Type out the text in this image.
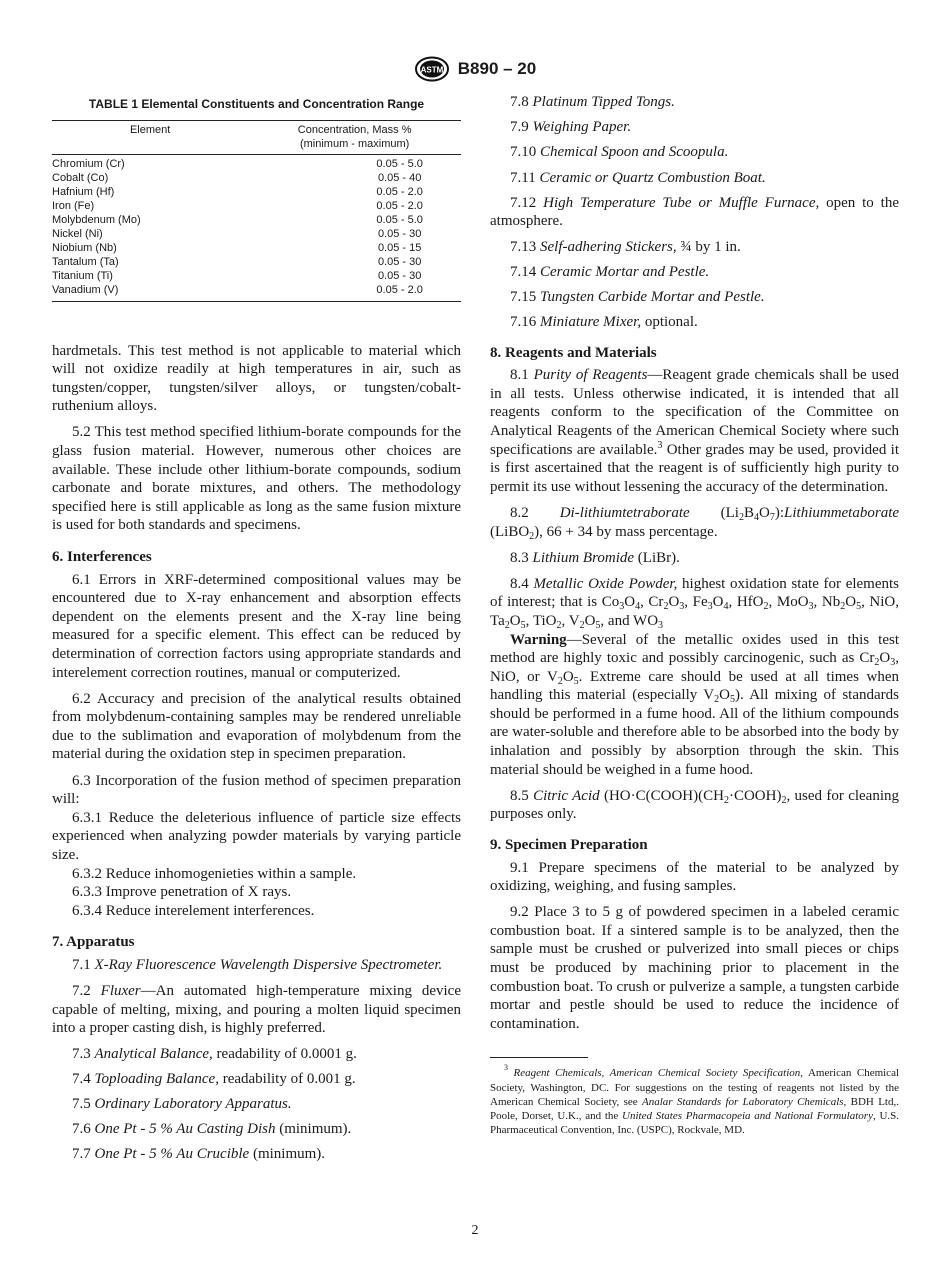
ASTM B890 – 20
TABLE 1 Elemental Constituents and Concentration Range
Element	Concentration, Mass %
(minimum - maximum)

Chromium (Cr)	0.05 - 5.0
Cobalt (Co)	0.05 - 40
Hafnium (Hf)	0.05 - 2.0
Iron (Fe)	0.05 - 2.0
Molybdenum (Mo)	0.05 - 5.0
Nickel (Ni)	0.05 - 30
Niobium (Nb)	0.05 - 15
Tantalum (Ta)	0.05 - 30
Titanium (Ti)	0.05 - 30
Vanadium (V)	0.05 - 2.0

hardmetals. This test method is not applicable to material which will not oxidize readily at high temperatures in air, such as tungsten/copper, tungsten/silver alloys, or tungsten/cobalt-ruthenium alloys.

5.2 This test method specified lithium-borate compounds for the glass fusion material. However, numerous other choices are available. These include other lithium-borate compounds, sodium carbonate and borate mixtures, and others. The methodology specified here is still applicable as long as the same fusion mixture is used for both standards and specimens.

6. Interferences

6.1 Errors in XRF-determined compositional values may be encountered due to X-ray enhancement and absorption effects dependent on the elements present and the X-ray line being measured for a specific element. This effect can be reduced by determination of correction factors using appropriate standards and interelement correction routines, manual or computerized.

6.2 Accuracy and precision of the analytical results obtained from molybdenum-containing samples may be rendered unreliable due to the sublimation and evaporation of molybdenum from the material during the oxidation step in specimen preparation.

6.3 Incorporation of the fusion method of specimen preparation will:

6.3.1 Reduce the deleterious influence of particle size effects experienced when analyzing powder materials by varying particle size.

6.3.2 Reduce inhomogenieties within a sample.

6.3.3 Improve penetration of X rays.

6.3.4 Reduce interelement interferences.

7. Apparatus

7.1 X-Ray Fluorescence Wavelength Dispersive Spectrometer.

7.2 Fluxer—An automated high-temperature mixing device capable of melting, mixing, and pouring a molten liquid specimen into a proper casting dish, is highly preferred.

7.3 Analytical Balance, readability of 0.0001 g.

7.4 Toploading Balance, readability of 0.001 g.

7.5 Ordinary Laboratory Apparatus.

7.6 One Pt - 5 % Au Casting Dish (minimum).

7.7 One Pt - 5 % Au Crucible (minimum).

7.8 Platinum Tipped Tongs.

7.9 Weighing Paper.

7.10 Chemical Spoon and Scoopula.

7.11 Ceramic or Quartz Combustion Boat.

7.12 High Temperature Tube or Muffle Furnace, open to the atmosphere.

7.13 Self-adhering Stickers, ¾ by 1 in.

7.14 Ceramic Mortar and Pestle.

7.15 Tungsten Carbide Mortar and Pestle.

7.16 Miniature Mixer, optional.

8. Reagents and Materials

8.1 Purity of Reagents—Reagent grade chemicals shall be used in all tests. Unless otherwise indicated, it is intended that all reagents conform to the specification of the Committee on Analytical Reagents of the American Chemical Society where such specifications are available.$^3$ Other grades may be used, provided it is first ascertained that the reagent is of sufficiently high purity to permit its use without lessening the accuracy of the determination.

8.2 Di-lithiumtetraborate $(Li_2B_4O_7):Lithiummetaborate$ (LiBO$_2$), 66 + 34 by mass percentage.

8.3 Lithium Bromide (LiBr).

8.4 Metallic Oxide Powder, highest oxidation state for elements of interest; that is $Co_3O_4$, $Cr_2O_3$, $Fe_3O_4$, HfO$_2$, MoO$_3$, $Nb_2O_5$, NiO, $Ta_2O_5$, TiO$_2$, $V_2O_5$, and $WO_3$

Warning—Several of the metallic oxides used in this test method are highly toxic and possibly carcinogenic, such as $Cr_2O_3$, NiO, or $V_2O_5$. Extreme care should be used at all times when handling this material (especially $V_2O_5$). All mixing of standards should be performed in a fume hood. All of the lithium compounds are water-soluble and therefore able to be absorbed into the body by inhalation and possibly by absorption through the skin. This material should be weighed in a fume hood.

8.5 Citric Acid ($HO\cdot C(COOH)(CH_2\cdot COOH)_2$, used for cleaning purposes only.

9. Specimen Preparation

9.1 Prepare specimens of the material to be analyzed by oxidizing, weighing, and fusing samples.

9.2 Place 3 to 5 g of powdered specimen in a labeled ceramic combustion boat. If a sintered sample is to be analyzed, then the sample must be crushed or pulverized into small pieces or chips must be produced by machining prior to placement in the combustion boat. To crush or pulverize a sample, a tungsten carbide mortar and pestle should be used to reduce the incidence of contamination.

$^3$ Reagent Chemicals, American Chemical Society Specification, American Chemical Society, Washington, DC. For suggestions on the testing of reagents not listed by the American Chemical Society, see Analar Standards for Laboratory Chemicals, BDH Ltd,. Poole, Dorset, U.K., and the United States Pharmacopeia and National Formulatory, U.S. Pharmaceutical Convention, Inc. (USPC), Rockvale, MD.

2
